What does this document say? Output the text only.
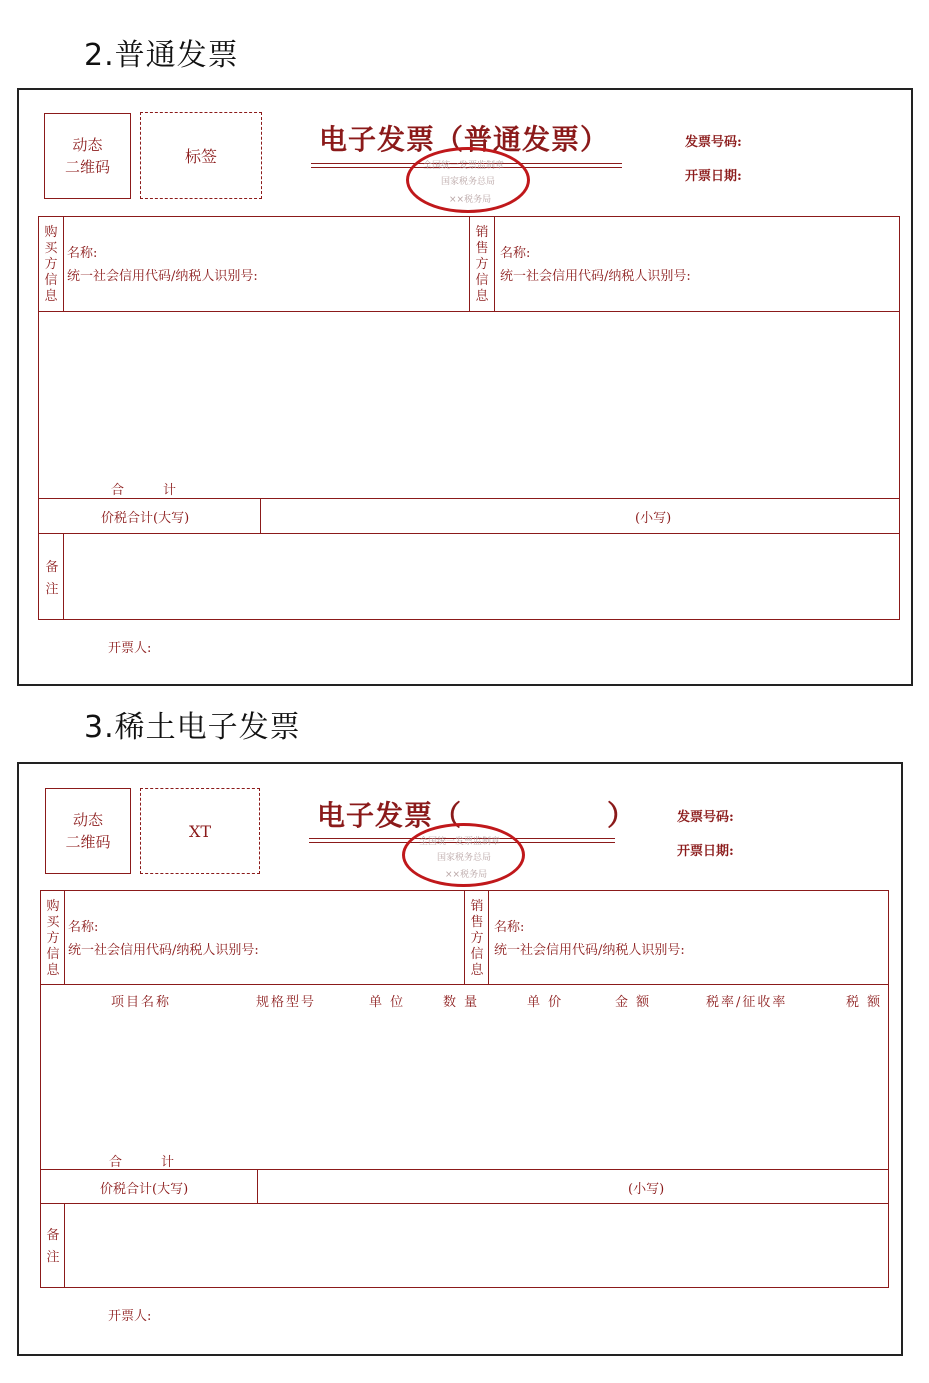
2.普通发票
动态
二维码
标签
电子发票（普通发票）
全国统一发票监制章
国家税务总局
××税务局
发票号码:
开票日期:
购买方信息
名称:
统一社会信用代码/纳税人识别号:
销售方信息
名称:
统一社会信用代码/纳税人识别号:
合　　　计
价税合计(大写)	(小写)
备注
开票人:
3.稀土电子发票
动态
二维码
XT	电子发票（　　　　　）
全国统一发票监制章
国家税务总局
××税务局
发票号码:
开票日期:
购买方信息
名称:
统一社会信用代码/纳税人识别号:
销售方信息
名称:
统一社会信用代码/纳税人识别号:
项目名称	规格型号	单 位	数 量	单 价	金 额	税率/征收率	税 额
合　　　计
价税合计(大写)	(小写)
备注
开票人:
